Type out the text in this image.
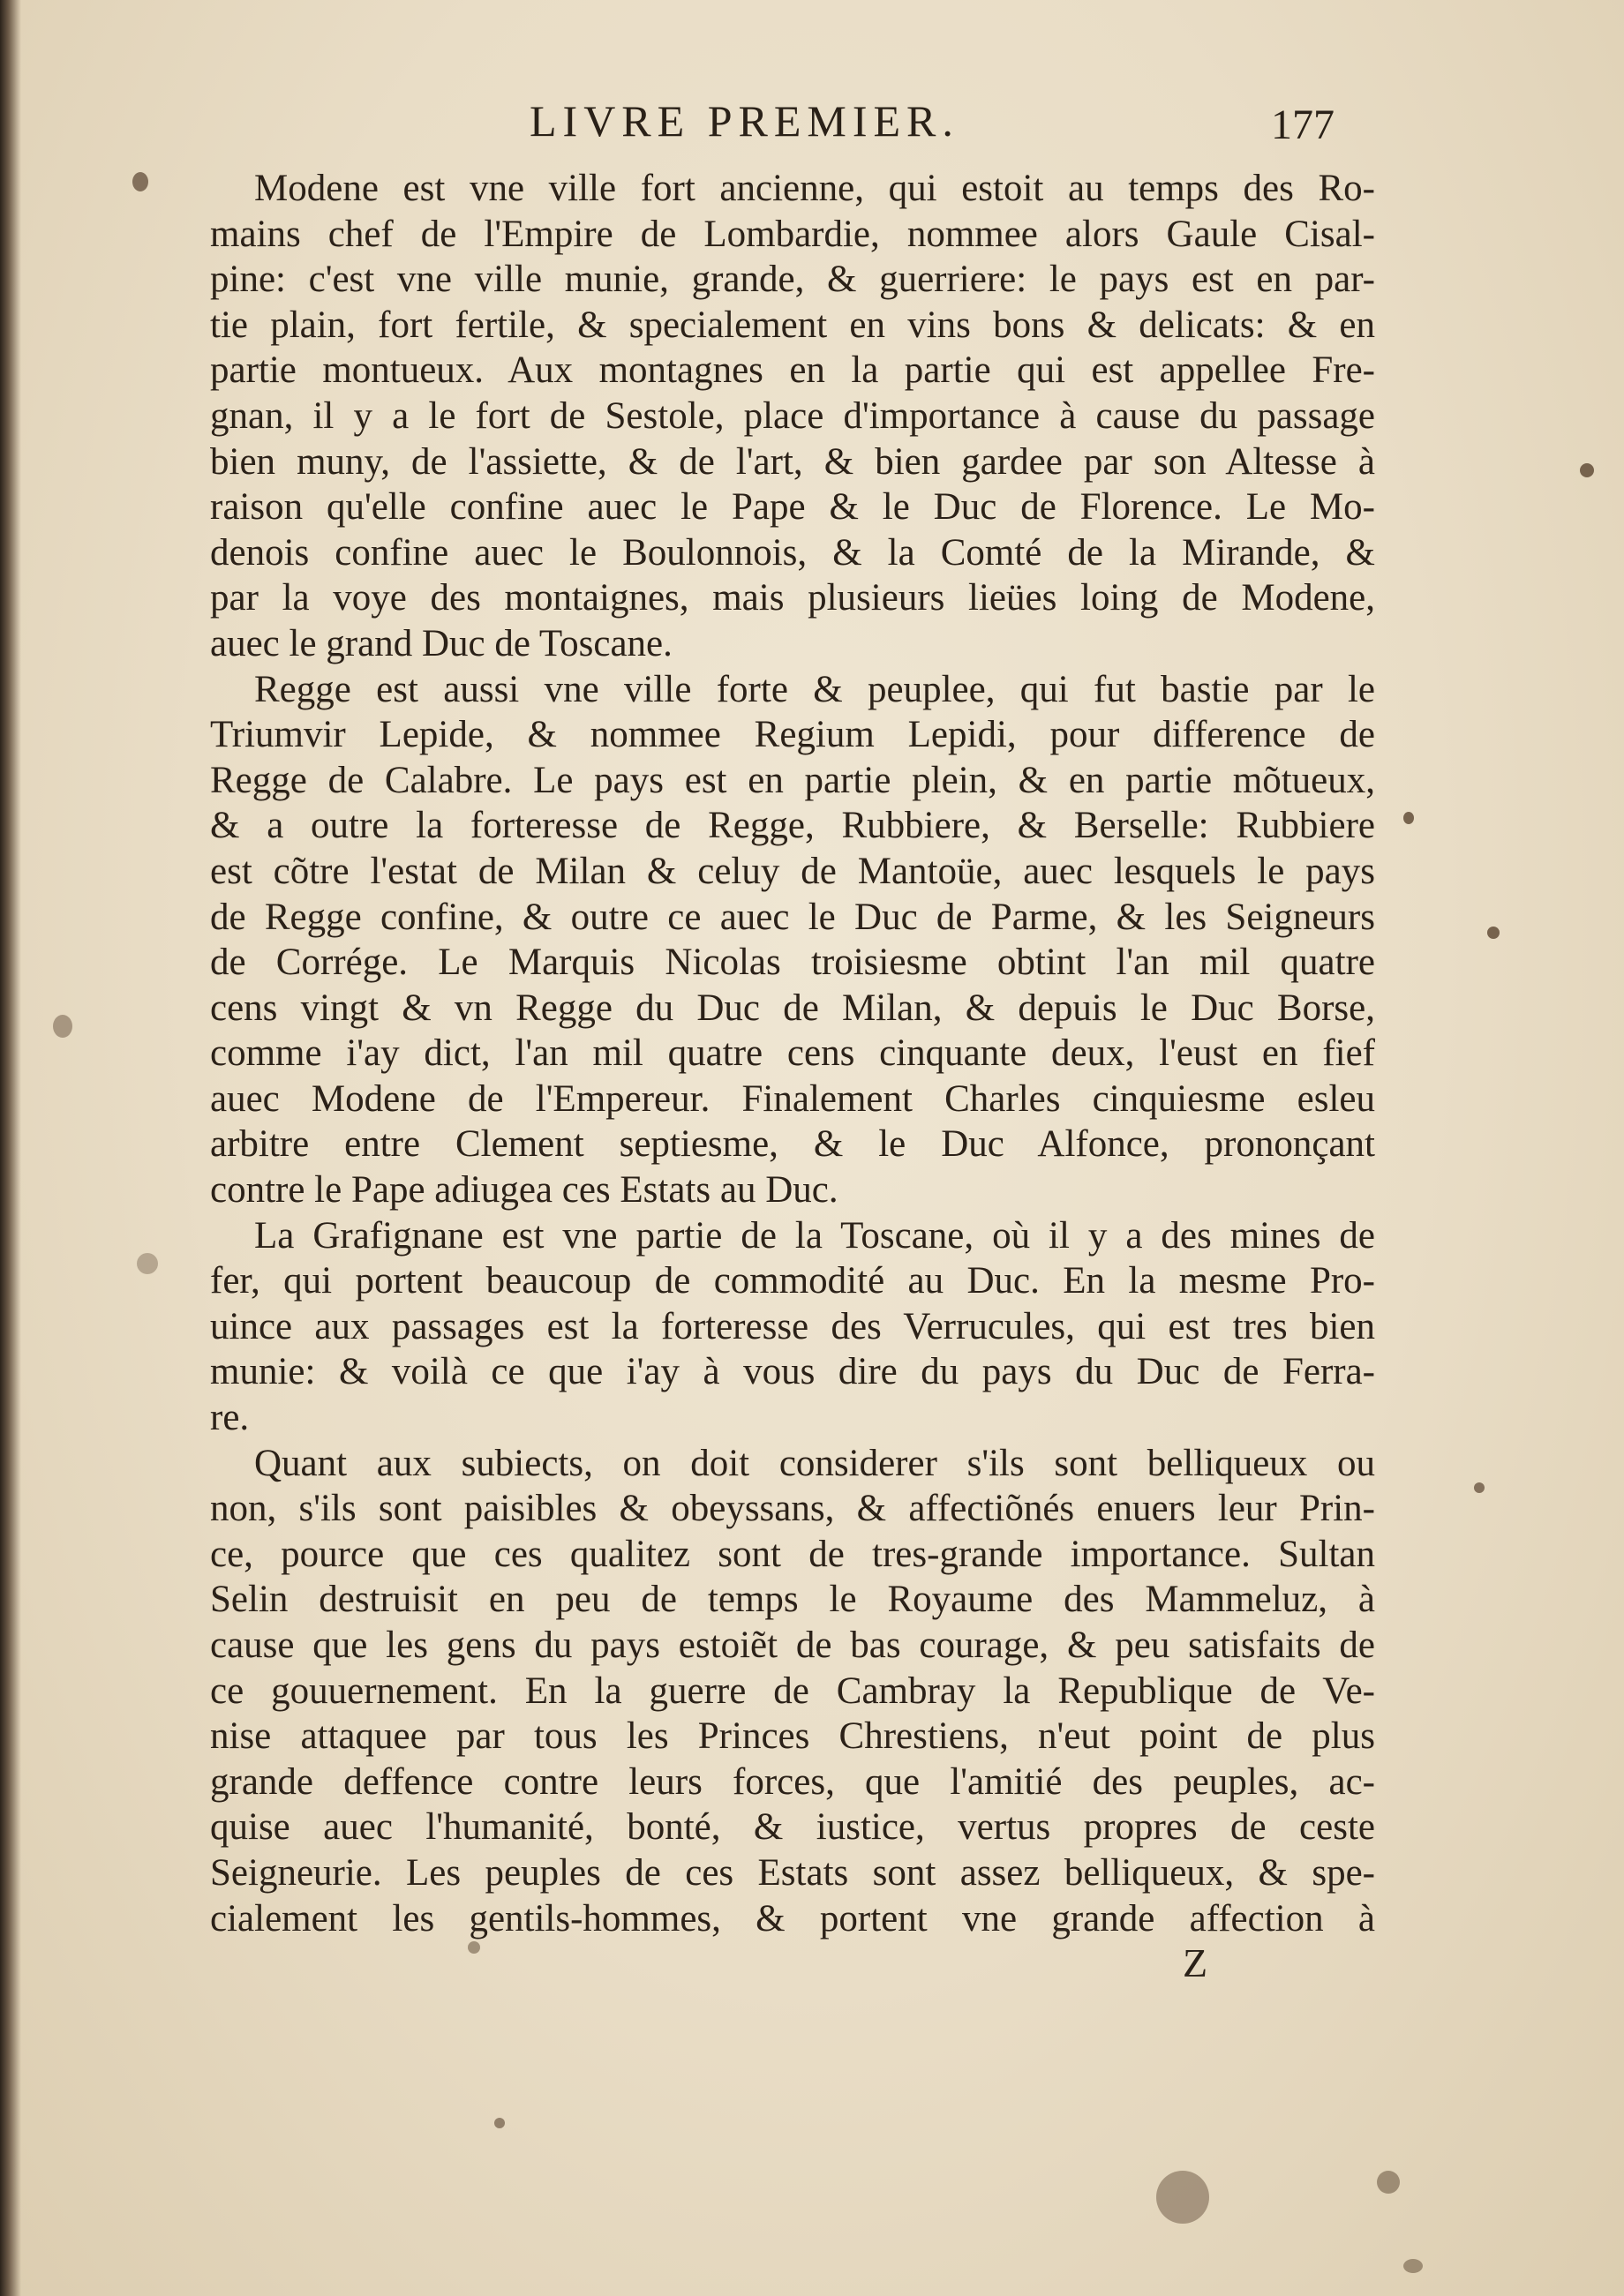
LIVRE PREMIER.	177
Modene est vne ville fort ancienne, qui estoit au temps des Ro-
mains chef de l'Empire de Lombardie, nommee alors Gaule Cisal-
pine: c'est vne ville munie, grande, & guerriere: le pays est en par-
tie plain, fort fertile, & specialement en vins bons & delicats: & en
partie montueux. Aux montagnes en la partie qui est appellee Fre-
gnan, il y a le fort de Sestole, place d'importance à cause du passage
bien muny, de l'assiette, & de l'art, & bien gardee par son Altesse à
raison qu'elle confine auec le Pape & le Duc de Florence. Le Mo-
denois confine auec le Boulonnois, & la Comté de la Mirande, &
par la voye des montaignes, mais plusieurs lieües loing de Modene,
auec le grand Duc de Toscane.
Regge est aussi vne ville forte & peuplee, qui fut bastie par le
Triumvir Lepide, & nommee Regium Lepidi, pour difference de
Regge de Calabre. Le pays est en partie plein, & en partie mõtueux,
& a outre la forteresse de Regge, Rubbiere, & Berselle: Rubbiere
est cõtre l'estat de Milan & celuy de Mantoüe, auec lesquels le pays
de Regge confine, & outre ce auec le Duc de Parme, & les Seigneurs
de Corrége. Le Marquis Nicolas troisiesme obtint l'an mil quatre
cens vingt & vn Regge du Duc de Milan, & depuis le Duc Borse,
comme i'ay dict, l'an mil quatre cens cinquante deux, l'eust en fief
auec Modene de l'Empereur. Finalement Charles cinquiesme esleu
arbitre entre Clement septiesme, & le Duc Alfonce, prononçant
contre le Pape adiugea ces Estats au Duc.
La Grafignane est vne partie de la Toscane, où il y a des mines de
fer, qui portent beaucoup de commodité au Duc. En la mesme Pro-
uince aux passages est la forteresse des Verrucules, qui est tres bien
munie: & voilà ce que i'ay à vous dire du pays du Duc de Ferra-
re.
Quant aux subiects, on doit considerer s'ils sont belliqueux ou
non, s'ils sont paisibles & obeyssans, & affectiõnés enuers leur Prin-
ce, pource que ces qualitez sont de tres-grande importance. Sultan
Selin destruisit en peu de temps le Royaume des Mammeluz, à
cause que les gens du pays estoiẽt de bas courage, & peu satisfaits de
ce gouuernement. En la guerre de Cambray la Republique de Ve-
nise attaquee par tous les Princes Chrestiens, n'eut point de plus
grande deffence contre leurs forces, que l'amitié des peuples, ac-
quise auec l'humanité, bonté, & iustice, vertus propres de ceste
Seigneurie. Les peuples de ces Estats sont assez belliqueux, & spe-
cialement les gentils-hommes, & portent vne grande affection à
Z
